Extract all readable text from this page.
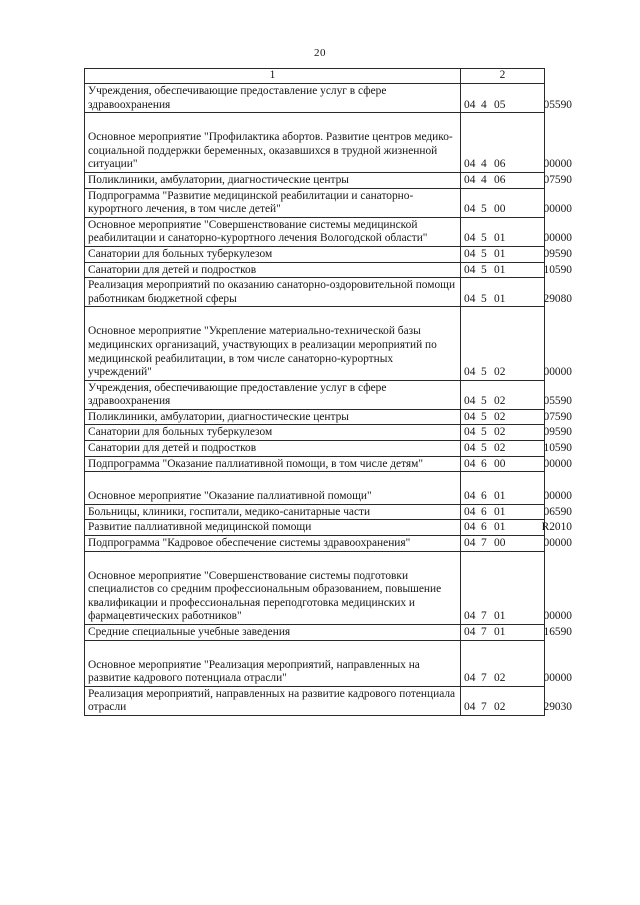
20
1	2

Учреждения, обеспечивающие предоставление услуг в сфере здравоохранения	04 4 05 05590

Основное мероприятие "Профилактика абортов. Развитие центров медико-социальной поддержки беременных, оказавшихся в трудной жизненной ситуации"	04 4 06 00000

Поликлиники, амбулатории, диагностические центры	04 4 06 07590

Подпрограмма "Развитие медицинской реабилитации и санаторно-курортного лечения, в том числе детей"	04 5 00 00000

Основное мероприятие "Совершенствование системы медицинской реабилитации и санаторно-курортного лечения Вологодской области"	04 5 01 00000

Санатории для больных туберкулезом	04 5 01 09590

Санатории для детей и подростков	04 5 01 10590

Реализация мероприятий по оказанию санаторно-оздоровительной помощи работникам бюджетной сферы	04 5 01 29080

Основное мероприятие "Укрепление материально-технической базы медицинских организаций, участвующих в реализации мероприятий по медицинской реабилитации, в том числе санаторно-курортных учреждений"	04 5 02 00000

Учреждения, обеспечивающие предоставление услуг в сфере здравоохранения	04 5 02 05590

Поликлиники, амбулатории, диагностические центры	04 5 02 07590

Санатории для больных туберкулезом	04 5 02 09590

Санатории для детей и подростков	04 5 02 10590

Подпрограмма "Оказание паллиативной помощи, в том числе детям"	04 6 00 00000

Основное мероприятие "Оказание паллиативной помощи"	04 6 01 00000

Больницы, клиники, госпитали, медико-санитарные части	04 6 01 06590

Развитие паллиативной медицинской помощи	04 6 01 R2010

Подпрограмма "Кадровое обеспечение системы здравоохранения"	04 7 00 00000

Основное мероприятие "Совершенствование системы подготовки специалистов со средним профессиональным образованием, повышение квалификации и профессиональная переподготовка медицинских и фармацевтических работников"	04 7 01 00000

Средние специальные учебные заведения	04 7 01 16590

Основное мероприятие "Реализация мероприятий, направленных на развитие кадрового потенциала отрасли"	04 7 02 00000

Реализация мероприятий, направленных на развитие кадрового потенциала отрасли	04 7 02 29030
